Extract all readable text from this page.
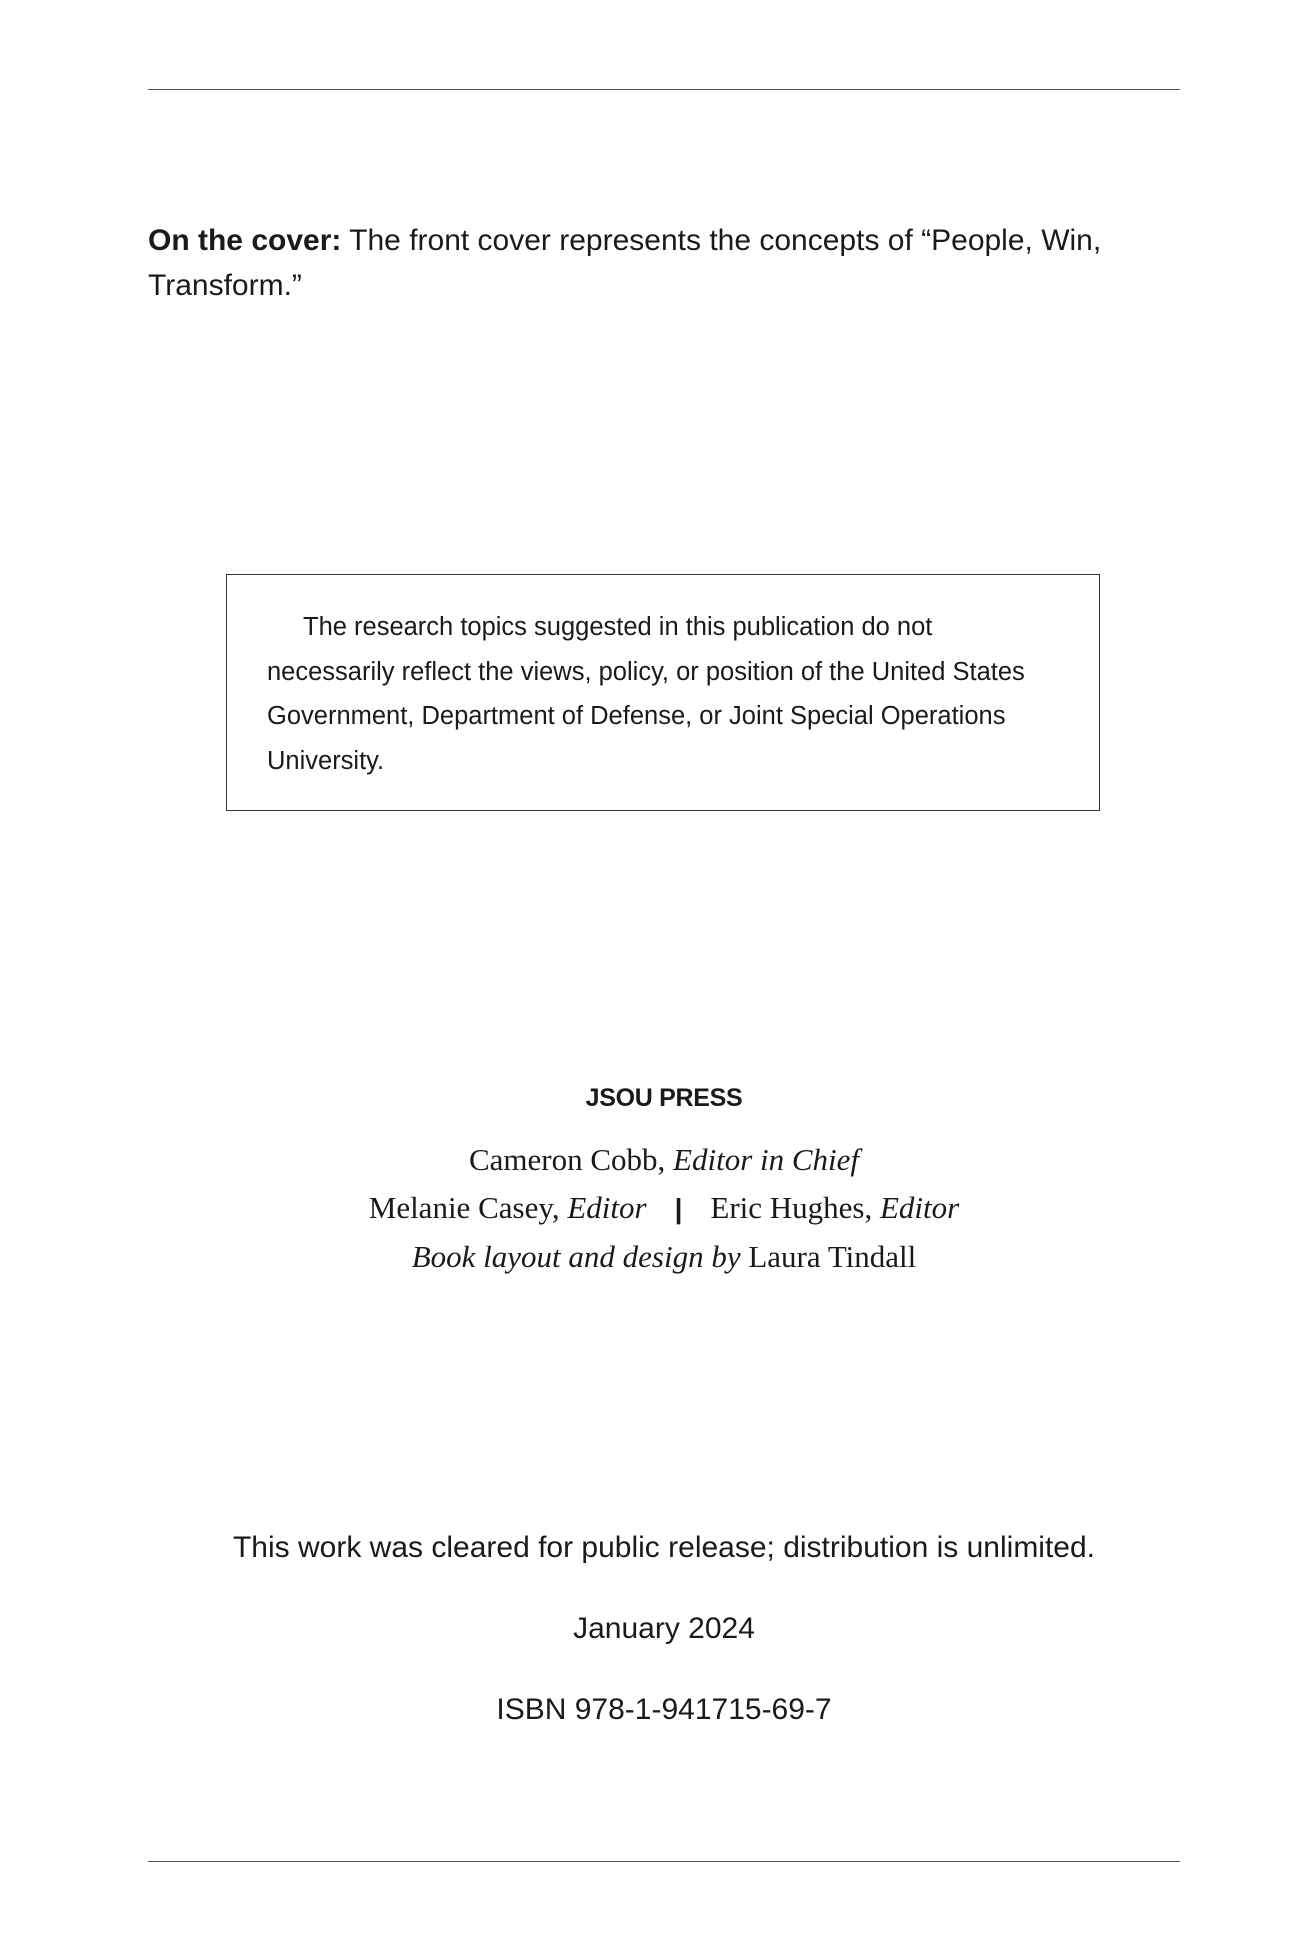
On the cover: The front cover represents the concepts of “People, Win, Transform.”

The research topics suggested in this publication do not necessarily reflect the views, policy, or position of the United States Government, Department of Defense, or Joint Special Operations University.

JSOU PRESS
Cameron Cobb, Editor in Chief
Melanie Casey, Editor | Eric Hughes, Editor
Book layout and design by Laura Tindall
This work was cleared for public release; distribution is unlimited.
January 2024
ISBN 978-1-941715-69-7
